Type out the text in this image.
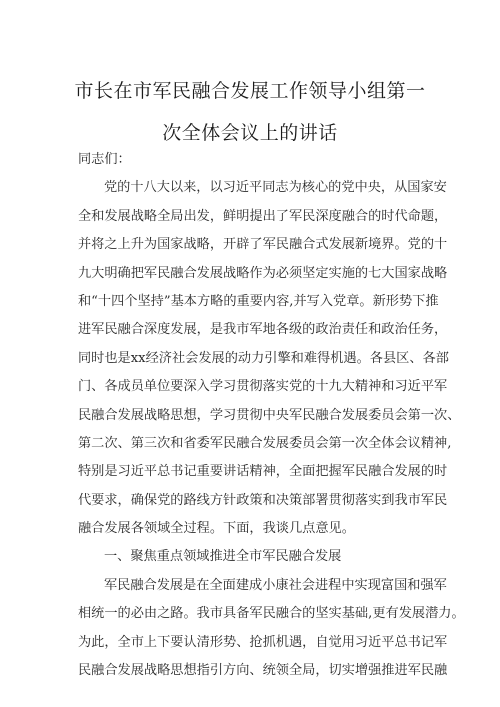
市长在市军民融合发展工作领导小组第一
次全体会议上的讲话
同志们：
党的十八大以来，以习近平同志为核心的党中央，从国家安
全和发展战略全局出发，鲜明提出了军民深度融合的时代命题，
并将之上升为国家战略，开辟了军民融合式发展新境界。党的十
九大明确把军民融合发展战略作为必须坚定实施的七大国家战略
和“十四个坚持”基本方略的重要内容,并写入党章。新形势下推
进军民融合深度发展，是我市军地各级的政治责任和政治任务，
同时也是xx经济社会发展的动力引擎和难得机遇。各县区、各部
门、各成员单位要深入学习贯彻落实党的十九大精神和习近平军
民融合发展战略思想，学习贯彻中央军民融合发展委员会第一次、
第二次、第三次和省委军民融合发展委员会第一次全体会议精神,
特别是习近平总书记重要讲话精神，全面把握军民融合发展的时
代要求，确保党的路线方针政策和决策部署贯彻落实到我市军民
融合发展各领域全过程。下面，我谈几点意见。
一、聚焦重点领域推进全市军民融合发展
军民融合发展是在全面建成小康社会进程中实现富国和强军
相统一的必由之路。我市具备军民融合的坚实基础,更有发展潜力。
为此，全市上下要认清形势、抢抓机遇，自觉用习近平总书记军
民融合发展战略思想指引方向、统领全局，切实增强推进军民融
